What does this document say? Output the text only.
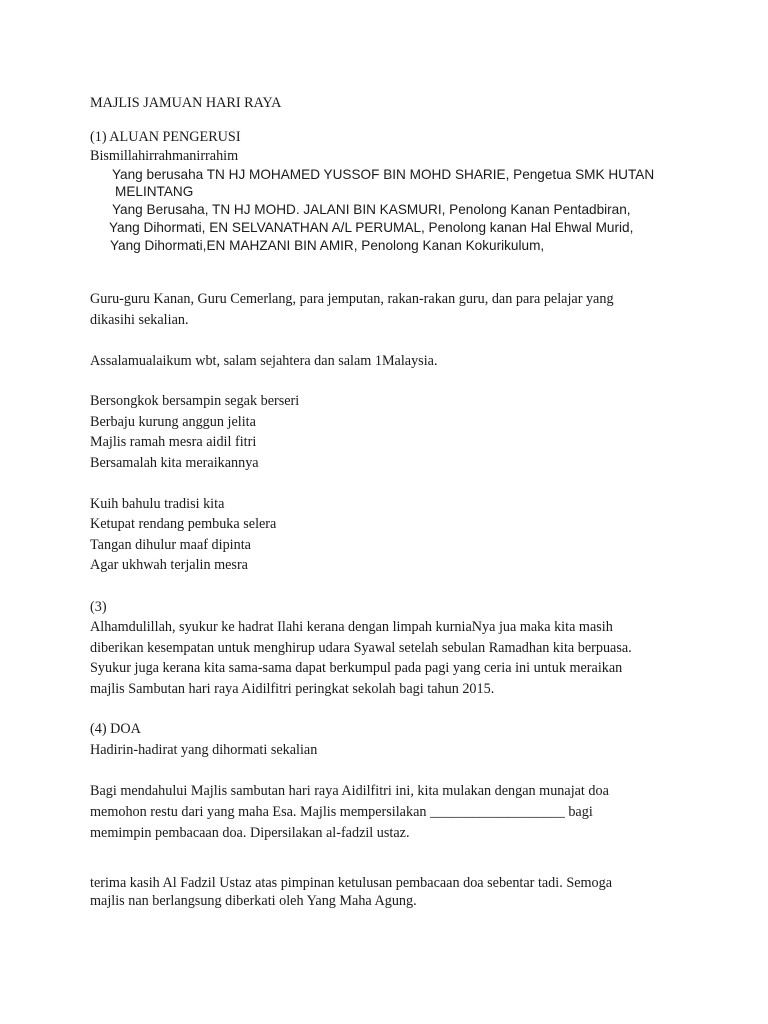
MAJLIS JAMUAN HARI RAYA
(1) ALUAN PENGERUSI
Bismillahirrahmanirrahim
Yang berusaha TN HJ MOHAMED YUSSOF BIN MOHD SHARIE, Pengetua SMK HUTAN
MELINTANG
Yang Berusaha, TN HJ MOHD. JALANI BIN KASMURI, Penolong Kanan Pentadbiran,
Yang Dihormati, EN SELVANATHAN A/L PERUMAL, Penolong kanan Hal Ehwal Murid,
Yang Dihormati,EN MAHZANI BIN AMIR, Penolong Kanan Kokurikulum,
Guru-guru Kanan, Guru Cemerlang, para jemputan, rakan-rakan guru, dan para pelajar yang
dikasihi sekalian.
Assalamualaikum wbt, salam sejahtera dan salam 1Malaysia.
Bersongkok bersampin segak berseri
Berbaju kurung anggun jelita
Majlis ramah mesra aidil fitri
Bersamalah kita meraikannya
Kuih bahulu tradisi kita
Ketupat rendang pembuka selera
Tangan dihulur maaf dipinta
Agar ukhwah terjalin mesra
(3)
Alhamdulillah, syukur ke hadrat Ilahi kerana dengan limpah kurniaNya jua maka kita masih
diberikan kesempatan untuk menghirup udara Syawal setelah sebulan Ramadhan kita berpuasa.
Syukur juga kerana kita sama-sama dapat berkumpul pada pagi yang ceria ini untuk meraikan
majlis Sambutan hari raya Aidilfitri peringkat sekolah bagi tahun 2015.
(4) DOA
Hadirin-hadirat yang dihormati sekalian
Bagi mendahului Majlis sambutan hari raya Aidilfitri ini, kita mulakan dengan munajat doa
memohon restu dari yang maha Esa. Majlis mempersilakan ___________________ bagi
memimpin pembacaan doa. Dipersilakan al-fadzil ustaz.
terima kasih Al Fadzil Ustaz atas pimpinan ketulusan pembacaan doa sebentar tadi. Semoga
majlis nan berlangsung diberkati oleh Yang Maha Agung.
